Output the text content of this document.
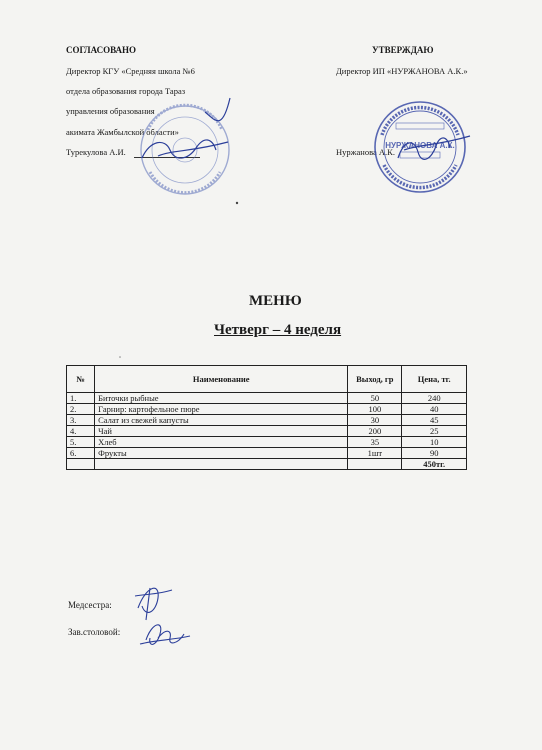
СОГЛАСОВАНО
Директор КГУ «Средняя школа №6
отдела образования города Тараз
управления образования
акимата Жамбылской области»
Турекулова А.И.
УТВЕРЖДАЮ
Директор ИП «НУРЖАНОВА А.К.»
Нуржанова А.К.
НУРЖАНОВА А.К.
МЕНЮ
Четверг – 4 неделя
№	Наименование	Выход, гр	Цена, тг.
1.	Биточки рыбные	50	240
2.	Гарнир: картофельное пюре	100	40
3.	Салат из свежей капусты	30	45
4.	Чай	200	25
5.	Хлеб	35	10
6.	Фрукты	1шт	90
			450тг.
Медсестра:
Зав.столовой:
